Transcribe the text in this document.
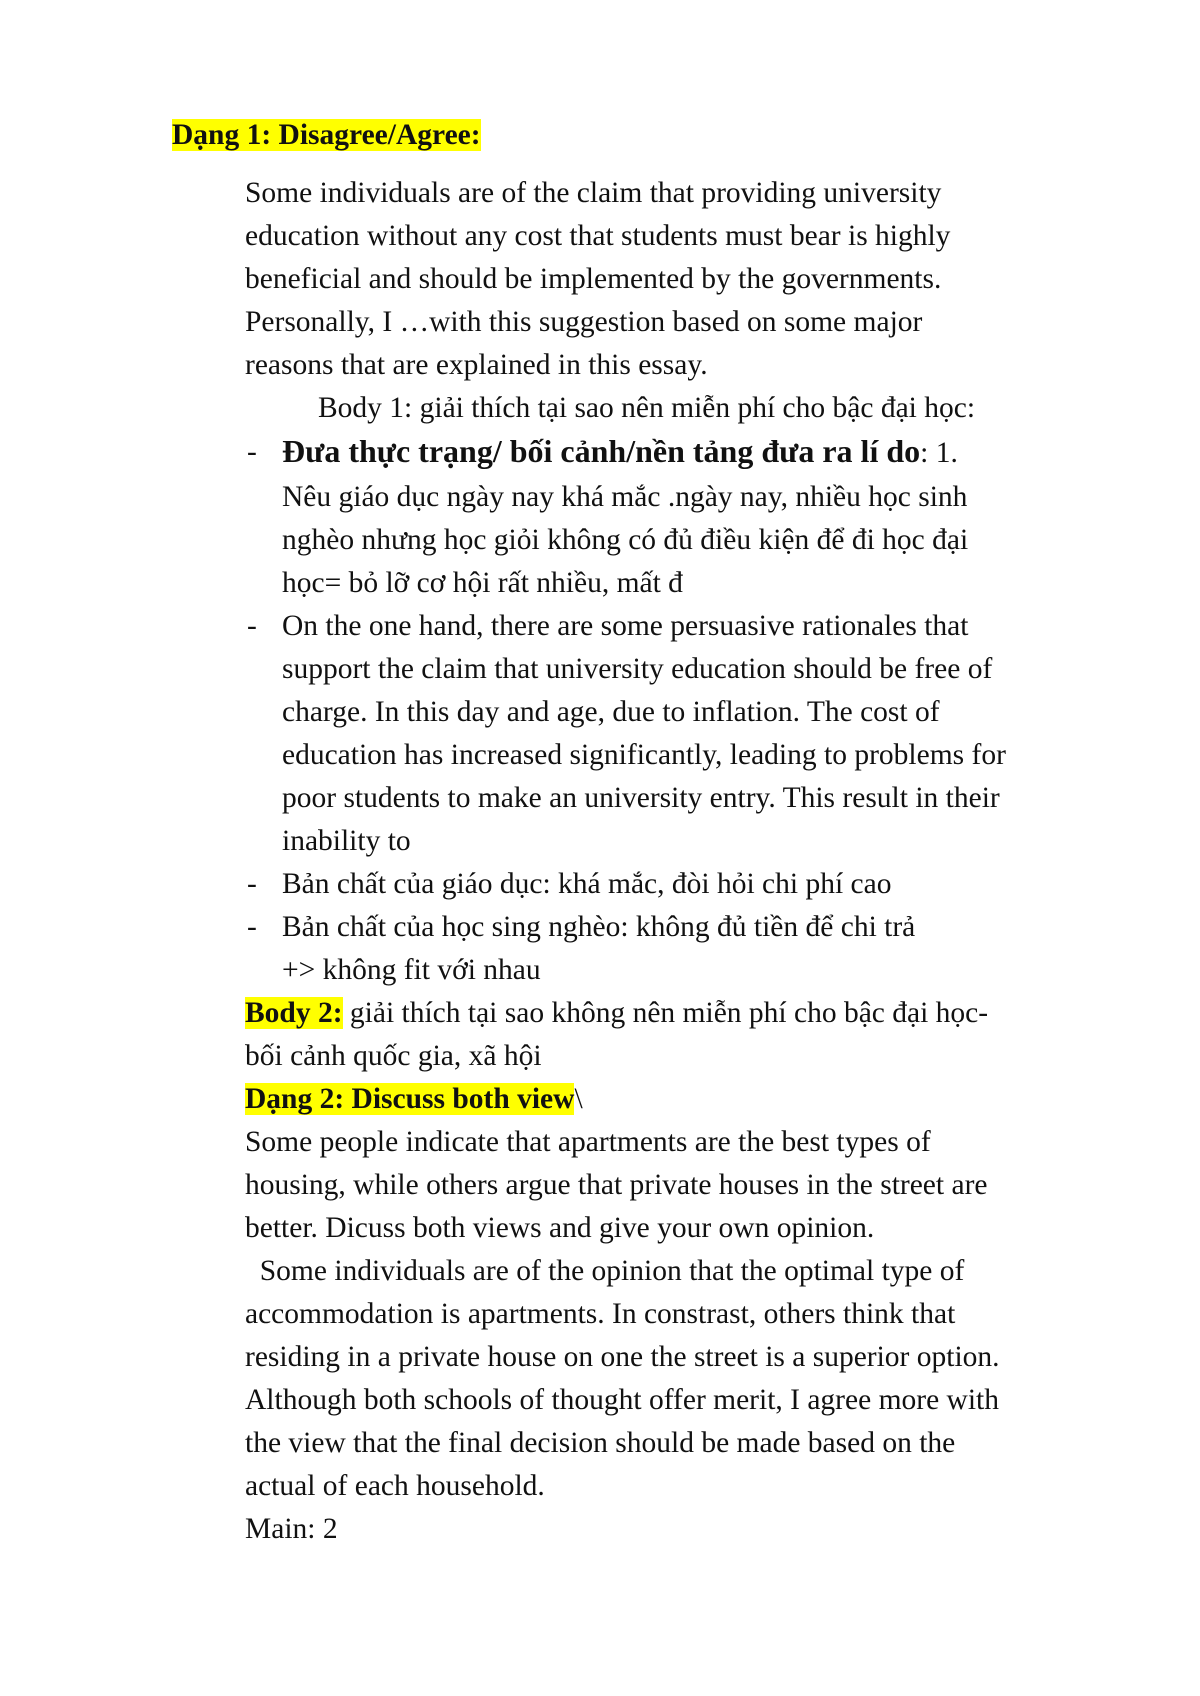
Dạng 1: Disagree/Agree:
Some individuals are of the claim that providing university
education without any cost that students must bear is highly
beneficial and should be implemented by the governments.
Personally, I …with this suggestion based on some major
reasons that are explained in this essay.
Body 1: giải thích tại sao nên miễn phí cho bậc đại học:
- Đưa thực trạng/ bối cảnh/nền tảng đưa ra lí do: 1.
Nêu giáo dục ngày nay khá mắc .ngày nay, nhiều học sinh
nghèo nhưng học giỏi không có đủ điều kiện để đi học đại
học= bỏ lỡ cơ hội rất nhiều, mất đ
- On the one hand, there are some persuasive rationales that
support the claim that university education should be free of
charge. In this day and age, due to inflation. The cost of
education has increased significantly, leading to problems for
poor students to make an university entry. This result in their
inability to
- Bản chất của giáo dục: khá mắc, đòi hỏi chi phí cao
- Bản chất của học sing nghèo: không đủ tiền để chi trả
+> không fit với nhau
Body 2: giải thích tại sao không nên miễn phí cho bậc đại học-
bối cảnh quốc gia, xã hội
Dạng 2: Discuss both view\
Some people indicate that apartments are the best types of
housing, while others argue that private houses in the street are
better. Dicuss both views and give your own opinion.
Some individuals are of the opinion that the optimal type of
accommodation is apartments. In constrast, others think that
residing in a private house on one the street is a superior option.
Although both schools of thought offer merit, I agree more with
the view that the final decision should be made based on the
actual of each household.
Main: 2
